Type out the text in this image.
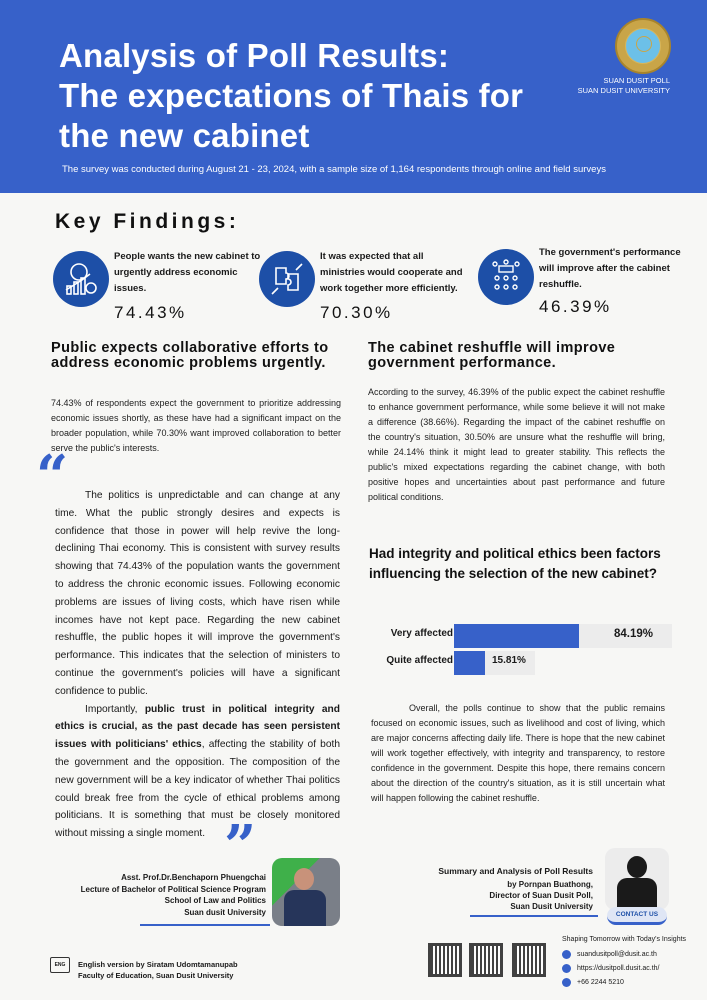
Analysis of Poll Results:
The expectations of Thais for
the new cabinet
The survey was conducted during August 21 - 23, 2024, with a sample size of 1,164 respondents through online and field surveys
SUAN DUSIT POLL
SUAN DUSIT UNIVERSITY
Key Findings:
People wants the new cabinet to urgently address economic issues.
74.43%
It was expected that all ministries would cooperate and work together more efficiently.
70.30%
The government's performance will improve after the cabinet reshuffle.
46.39%
Public expects collaborative efforts to address economic problems urgently.
74.43% of respondents expect the government to prioritize addressing economic issues shortly, as these have had a significant impact on the broader population, while 70.30% want improved collaboration to better serve the public's interests.
“	The politics is unpredictable and can change at any time. What the public strongly desires and expects is confidence that those in power will help revive the long-declining Thai economy. This is consistent with survey results showing that 74.43% of the population wants the government to address the chronic economic issues. Following economic problems are issues of living costs, which have risen while incomes have not kept pace. Regarding the new cabinet reshuffle, the public hopes it will improve the government's performance. This indicates that the selection of ministers to continue the government's policies will have a significant confidence to public.

Importantly, public trust in political integrity and ethics is crucial, as the past decade has seen persistent issues with politicians' ethics, affecting the stability of both the government and the opposition. The composition of the new government will be a key indicator of whether Thai politics could break free from the cycle of ethical problems among politicians. It is something that must be closely monitored without missing a single moment. ”
Asst. Prof.Dr.Benchaporn Phuengchai
Lecture of Bachelor of Political Science Program
School of Law and Politics
Suan dusit University
ENG	English version by Siratam Udomtamanupab
Faculty of Education, Suan Dusit University
The cabinet reshuffle will improve government performance.
According to the survey, 46.39% of the public expect the cabinet reshuffle to enhance government performance, while some believe it will not make a difference (38.66%). Regarding the impact of the cabinet reshuffle on the country's situation, 30.50% are unsure what the reshuffle will bring, while 24.14% think it might lead to greater stability. This reflects the public's mixed expectations regarding the cabinet change, with both positive hopes and uncertainties about past performance and future political conditions.
Had integrity and political ethics been factors influencing the selection of the new cabinet?
Very affected	84.19%
Quite affected	15.81%
Overall, the polls continue to show that the public remains focused on economic issues, such as livelihood and cost of living, which are major concerns affecting daily life. There is hope that the new cabinet will work together effectively, with integrity and transparency, to restore confidence in the government. Despite this hope, there remains concern about the direction of the country's situation, as it is still uncertain what will happen following the cabinet reshuffle.
Summary and Analysis of Poll Results
by Pornpan Buathong,
Director of Suan Dusit Poll,
Suan Dusit University
CONTACT US
Shaping Tomorrow with Today's Insights
suandusitpoll@dusit.ac.th
https://dusitpoll.dusit.ac.th/
+66 2244 5210
